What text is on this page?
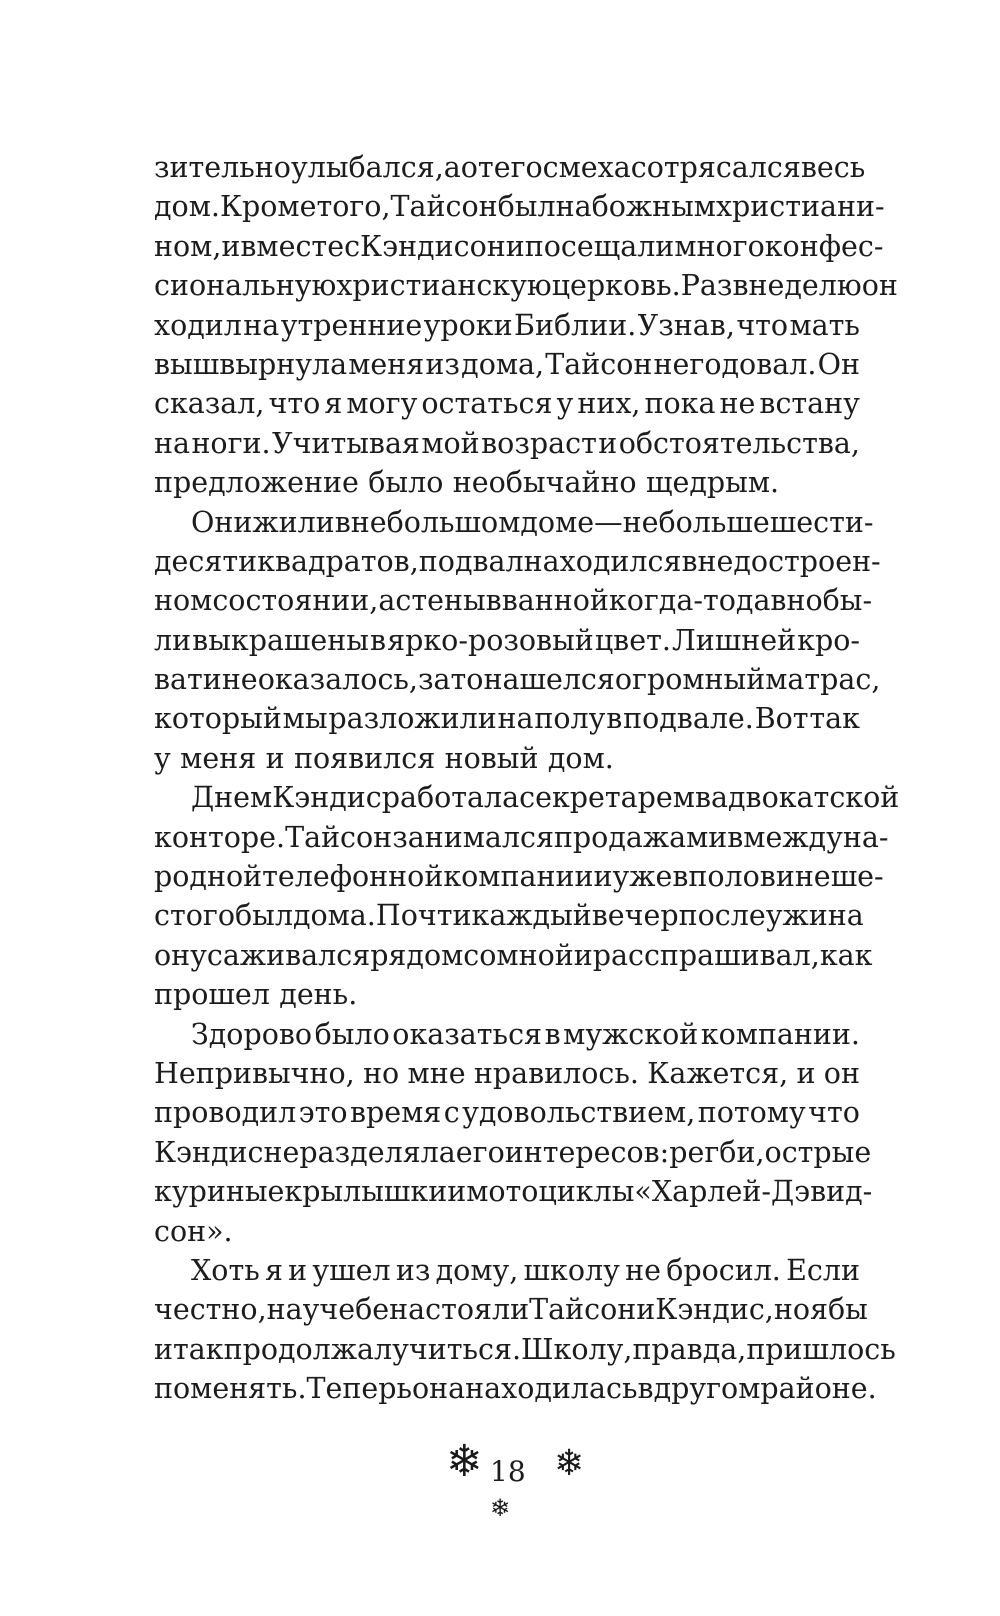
зительно улыбался, а от его смеха сотрясался весь
дом. Кроме того, Тайсон был набожным христиани-
ном, и вместе с Кэндис они посещали многоконфес-
сиональную христианскую церковь. Раз в неделю он
ходил на утренние уроки Библии. Узнав, что мать
вышвырнула меня из дома, Тайсон негодовал. Он
сказал, что я могу остаться у них, пока не встану
на ноги. Учитывая мой возраст и обстоятельства,
предложение было необычайно щедрым.
Они жили в небольшом доме — не больше шести-
десяти квадратов, подвал находился в недостроен-
ном состоянии, а стены в ванной когда-то давно бы-
ли выкрашены в ярко-розовый цвет. Лишней кро-
вати не оказалось, зато нашелся огромный матрас,
который мы разложили на полу в подвале. Вот так
у меня и появился новый дом.
Днем Кэндис работала секретарем в адвокатской
конторе. Тайсон занимался продажами в междуна-
родной телефонной компании и уже в половине ше-
стого был дома. Почти каждый вечер после ужина
он усаживался рядом со мной и расспрашивал, как
прошел день.
Здорово было оказаться в мужской компании.
Непривычно, но мне нравилось. Кажется, и он
проводил это время с удовольствием, потому что
Кэндис не разделяла его интересов: регби, острые
куриные крылышки и мотоциклы «Харлей-Дэвид-
сон».
Хоть я и ушел из дому, школу не бросил. Если
честно, на учебе настояли Тайсон и Кэндис, но я бы
и так продолжал учиться. Школу, правда, пришлось
поменять. Теперь она находилась в другом районе.
❄ 18 ❄
❄
